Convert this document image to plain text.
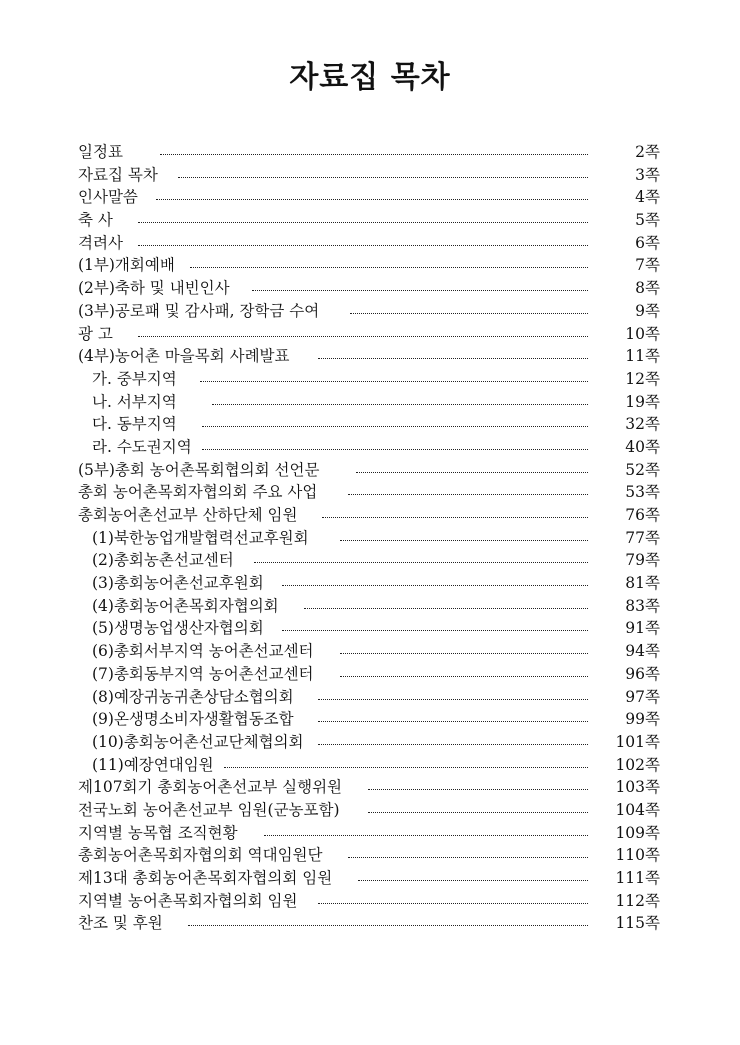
자료집 목차
일정표	2쪽
자료집 목차	3쪽
인사말씀	4쪽
축 사	5쪽
격려사	6쪽
(1부)개회예배	7쪽
(2부)축하 및 내빈인사	8쪽
(3부)공로패 및 감사패, 장학금 수여	9쪽
광 고	10쪽
(4부)농어촌 마을목회 사례발표	11쪽
가. 중부지역	12쪽
나. 서부지역	19쪽
다. 동부지역	32쪽
라. 수도권지역	40쪽
(5부)총회 농어촌목회협의회 선언문	52쪽
총회 농어촌목회자협의회 주요 사업	53쪽
총회농어촌선교부 산하단체 임원	76쪽
(1)북한농업개발협력선교후원회	77쪽
(2)총회농촌선교센터	79쪽
(3)총회농어촌선교후원회	81쪽
(4)총회농어촌목회자협의회	83쪽
(5)생명농업생산자협의회	91쪽
(6)총회서부지역 농어촌선교센터	94쪽
(7)총회동부지역 농어촌선교센터	96쪽
(8)예장귀농귀촌상담소협의회	97쪽
(9)온생명소비자생활협동조합	99쪽
(10)총회농어촌선교단체협의회	101쪽
(11)예장연대임원	102쪽
제107회기 총회농어촌선교부 실행위원	103쪽
전국노회 농어촌선교부 임원(군농포함)	104쪽
지역별 농목협 조직현황	109쪽
총회농어촌목회자협의회 역대임원단	110쪽
제13대 총회농어촌목회자협의회 임원	111쪽
지역별 농어촌목회자협의회 임원	112쪽
찬조 및 후원	115쪽
